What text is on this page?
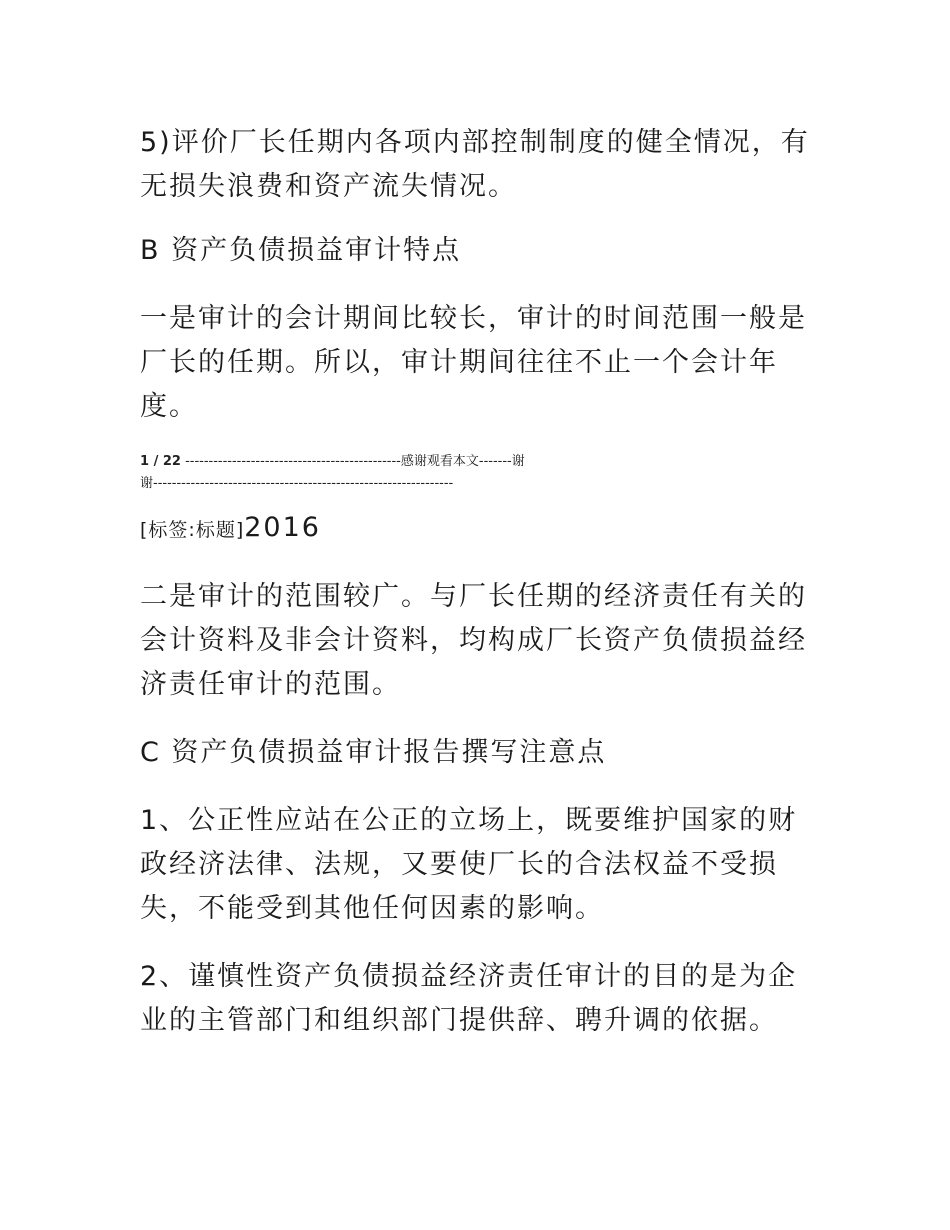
5)评价厂长任期内各项内部控制制度的健全情况，有无损失浪费和资产流失情况。

B 资产负债损益审计特点

一是审计的会计期间比较长，审计的时间范围一般是厂长的任期。所以，审计期间往往不止一个会计年度。

1 / 22 ----------------------------------------------感谢观看本文-------谢
谢----------------------------------------------------------------
[标签:标题]2016

二是审计的范围较广。与厂长任期的经济责任有关的会计资料及非会计资料，均构成厂长资产负债损益经济责任审计的范围。

C 资产负债损益审计报告撰写注意点

1、公正性应站在公正的立场上，既要维护国家的财政经济法律、法规，又要使厂长的合法权益不受损失，不能受到其他任何因素的影响。

2、谨慎性资产负债损益经济责任审计的目的是为企业的主管部门和组织部门提供辞、聘升调的依据。
